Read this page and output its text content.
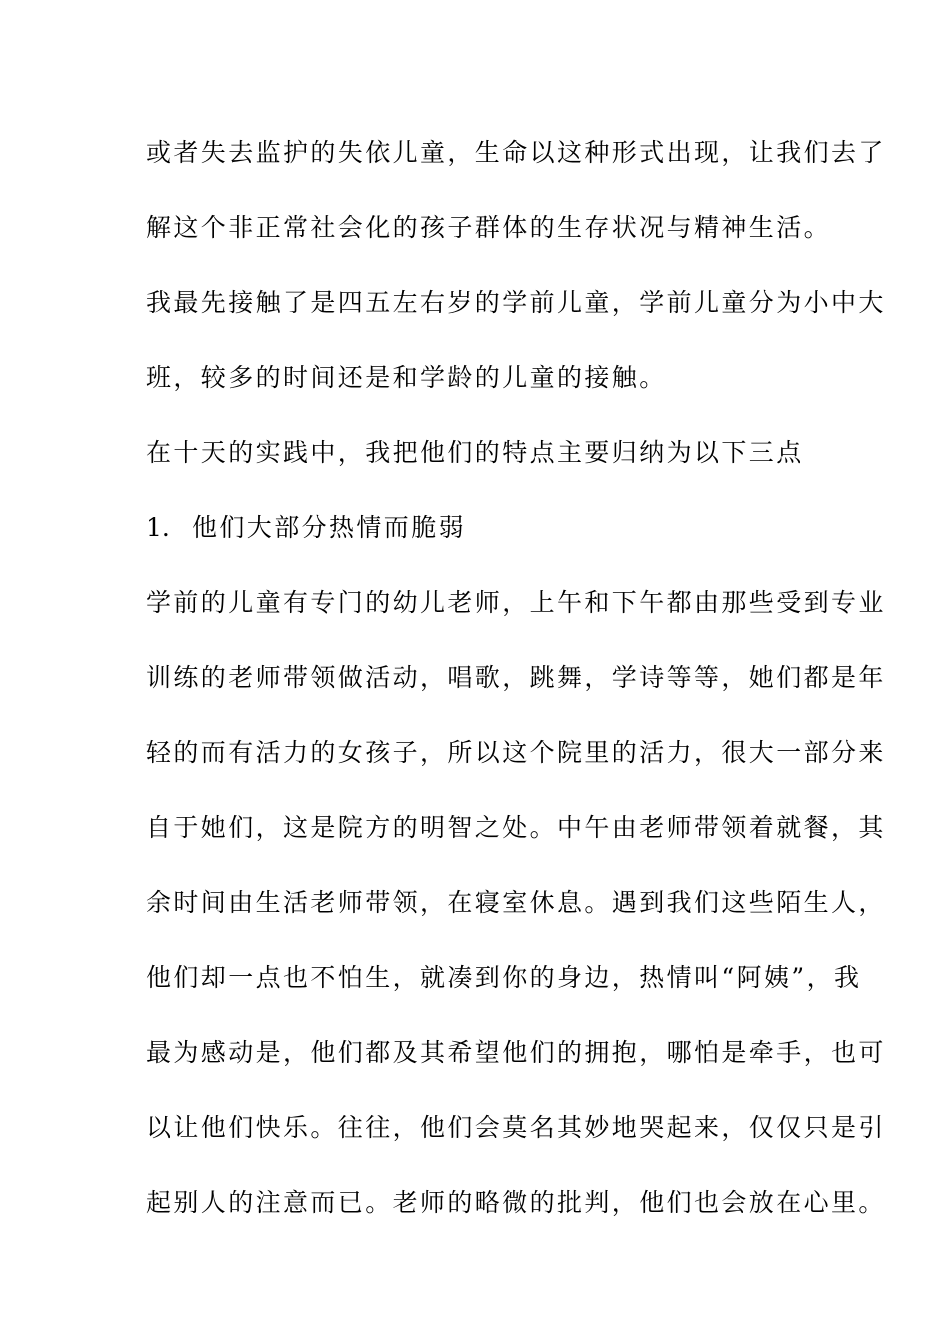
或者失去监护的失依儿童，生命以这种形式出现，让我们去了
解这个非正常社会化的孩子群体的生存状况与精神生活。
我最先接触了是四五左右岁的学前儿童，学前儿童分为小中大
班，较多的时间还是和学龄的儿童的接触。
在十天的实践中，我把他们的特点主要归纳为以下三点
1. 他们大部分热情而脆弱
学前的儿童有专门的幼儿老师，上午和下午都由那些受到专业
训练的老师带领做活动，唱歌，跳舞，学诗等等，她们都是年
轻的而有活力的女孩子，所以这个院里的活力，很大一部分来
自于她们，这是院方的明智之处。中午由老师带领着就餐，其
余时间由生活老师带领，在寝室休息。遇到我们这些陌生人，
他们却一点也不怕生，就凑到你的身边，热情叫“阿姨”，我
最为感动是，他们都及其希望他们的拥抱，哪怕是牵手，也可
以让他们快乐。往往，他们会莫名其妙地哭起来，仅仅只是引
起别人的注意而已。老师的略微的批判，他们也会放在心里。
